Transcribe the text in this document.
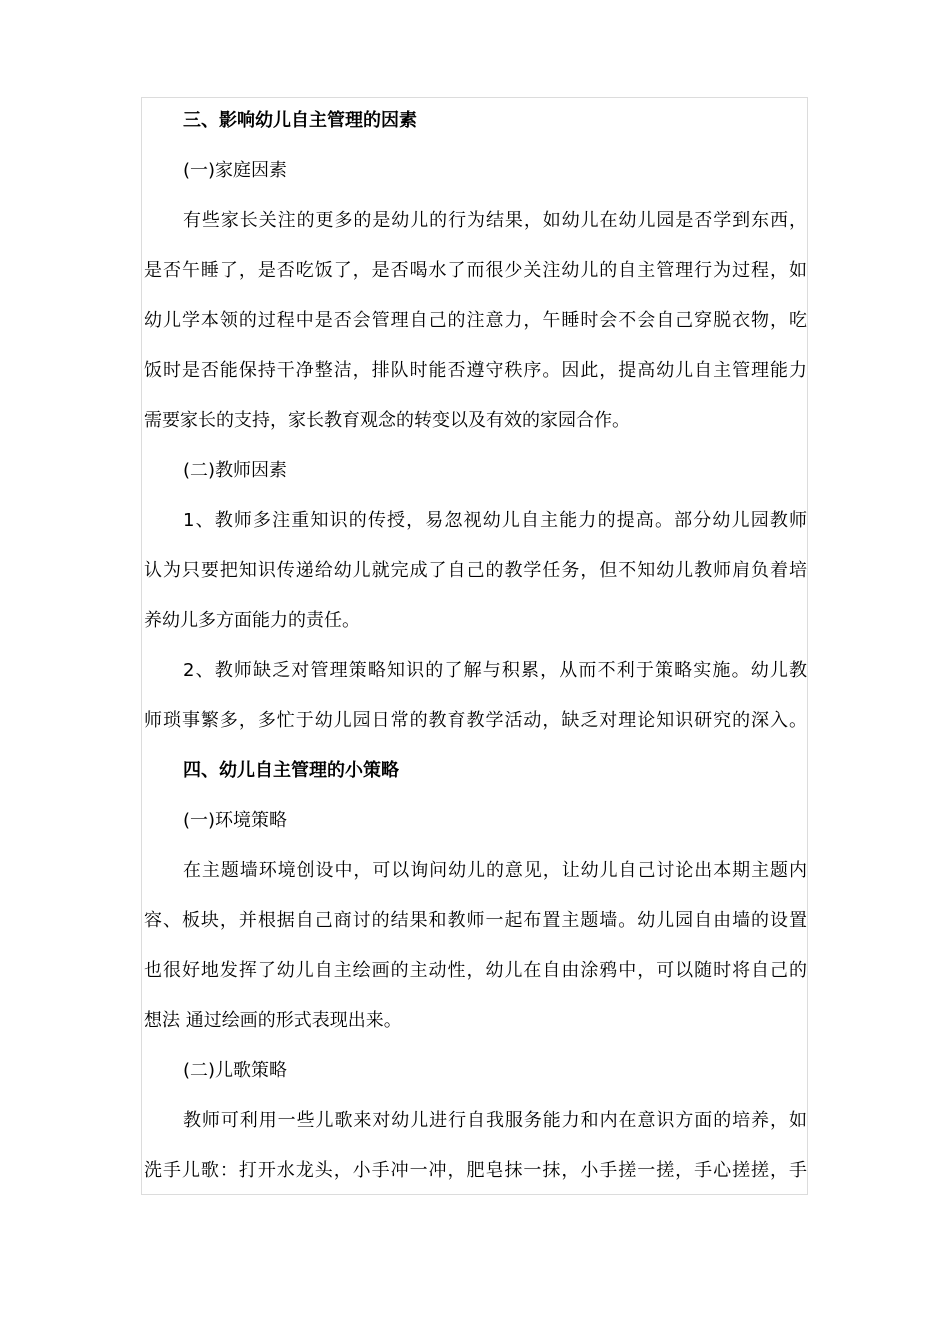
三、影响幼儿自主管理的因素
(一)家庭因素
有些家长关注的更多的是幼儿的行为结果，如幼儿在幼儿园是否学到东西，
是否午睡了，是否吃饭了，是否喝水了而很少关注幼儿的自主管理行为过程，如
幼儿学本领的过程中是否会管理自己的注意力，午睡时会不会自己穿脱衣物，吃
饭时是否能保持干净整洁，排队时能否遵守秩序。因此，提高幼儿自主管理能力
需要家长的支持，家长教育观念的转变以及有效的家园合作。
(二)教师因素
1、教师多注重知识的传授，易忽视幼儿自主能力的提高。部分幼儿园教师
认为只要把知识传递给幼儿就完成了自己的教学任务，但不知幼儿教师肩负着培
养幼儿多方面能力的责任。
2、教师缺乏对管理策略知识的了解与积累，从而不利于策略实施。幼儿教
师琐事繁多，多忙于幼儿园日常的教育教学活动，缺乏对理论知识研究的深入。
四、幼儿自主管理的小策略
(一)环境策略
在主题墙环境创设中，可以询问幼儿的意见，让幼儿自己讨论出本期主题内
容、板块，并根据自己商讨的结果和教师一起布置主题墙。幼儿园自由墙的设置
也很好地发挥了幼儿自主绘画的主动性，幼儿在自由涂鸦中，可以随时将自己的
想法 通过绘画的形式表现出来。
(二)儿歌策略
教师可利用一些儿歌来对幼儿进行自我服务能力和内在意识方面的培养，如
洗手儿歌：打开水龙头，小手冲一冲，肥皂抹一抹，小手搓一搓，手心搓搓，手
